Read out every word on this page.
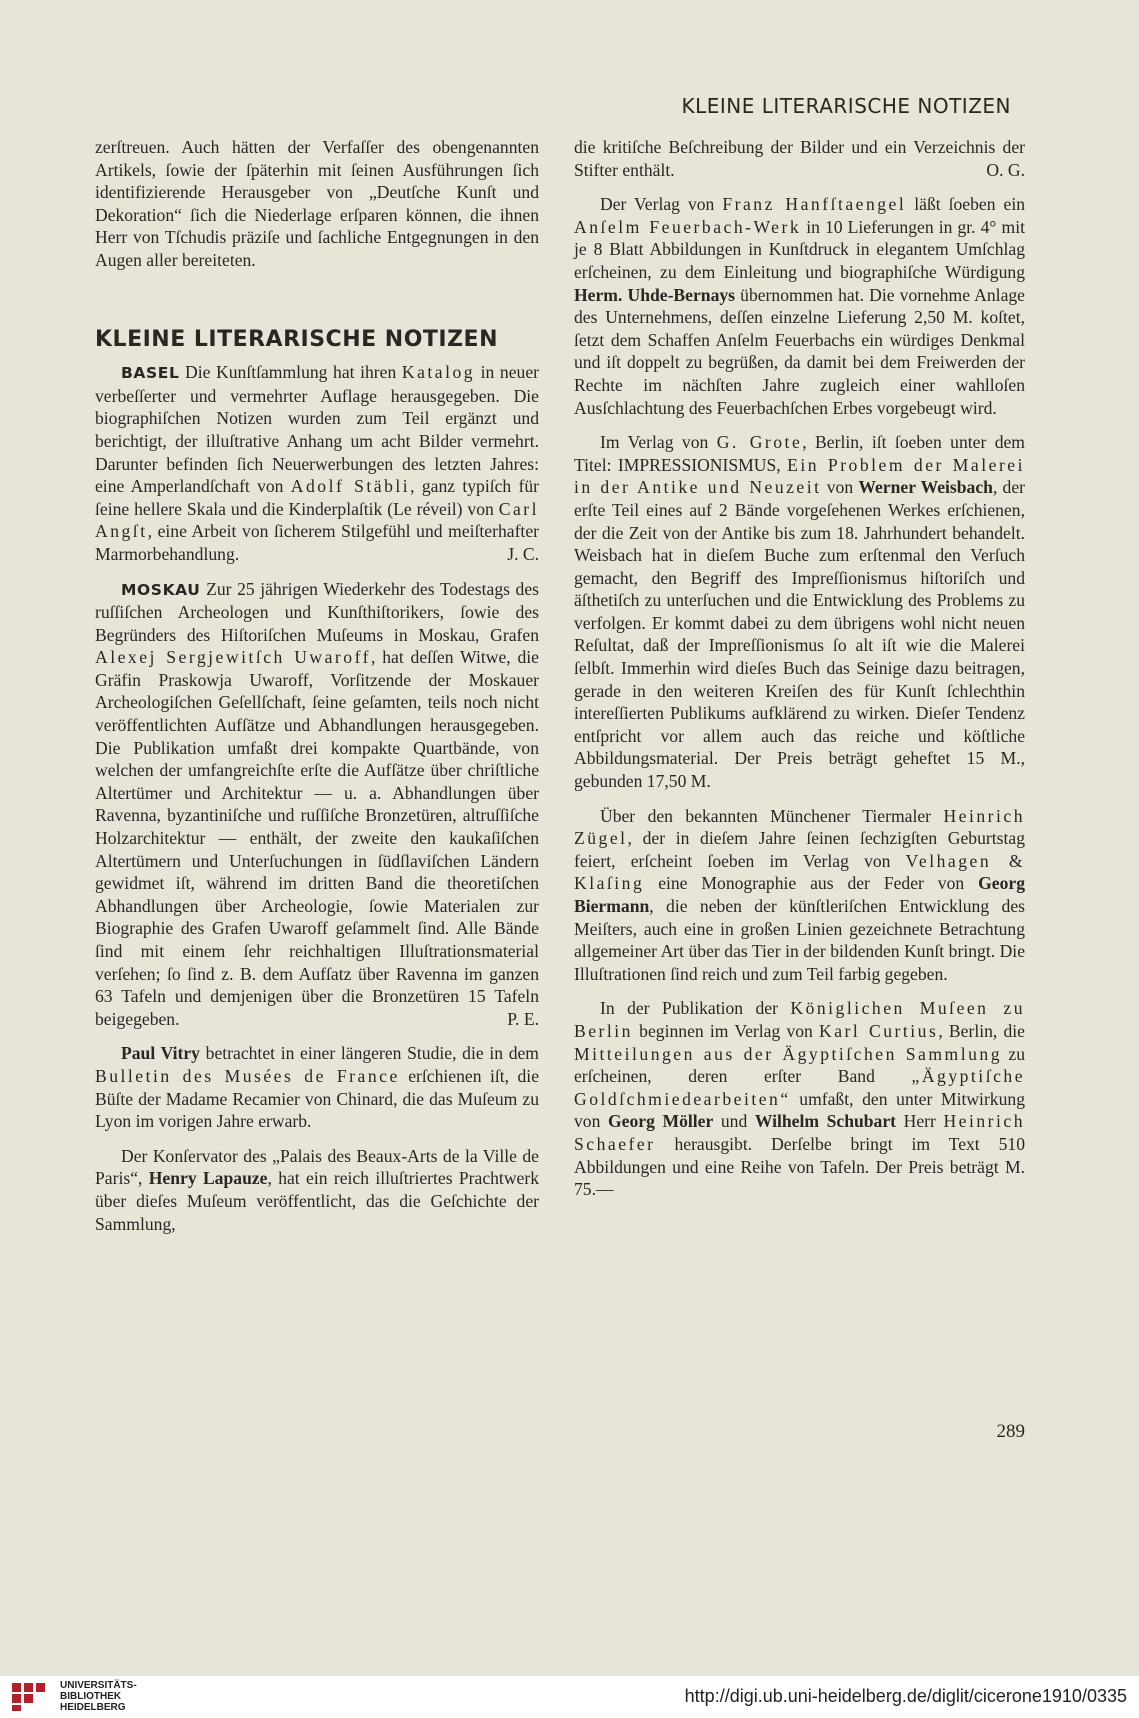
KLEINE LITERARISCHE NOTIZEN

zerſtreuen. Auch hätten der Verfaſſer des obengenannten Artikels, ſowie der ſpäterhin mit ſeinen Ausführungen ſich identifizierende Herausgeber von „Deutſche Kunſt und Dekoration“ ſich die Niederlage erſparen können, die ihnen Herr von Tſchudis präziſe und ſachliche Entgegnungen in den Augen aller bereiteten.

KLEINE LITERARISCHE NOTIZEN

BASEL Die Kunſtſammlung hat ihren Katalog in neuer verbeſſerter und vermehrter Auflage herausgegeben. Die biographiſchen Notizen wurden zum Teil ergänzt und berichtigt, der illuſtrative Anhang um acht Bilder vermehrt. Darunter befinden ſich Neuerwerbungen des letzten Jahres: eine Amperlandſchaft von Adolf Stäbli, ganz typiſch für ſeine hellere Skala und die Kinderplaſtik (Le réveil) von Carl Angſt, eine Arbeit von ſicherem Stilgefühl und meiſterhafter Marmorbehandlung.	J. C.

MOSKAU Zur 25 jährigen Wiederkehr des Todestags des ruſſiſchen Archeologen und Kunſthiſtorikers, ſowie des Begründers des Hiſtoriſchen Muſeums in Moskau, Grafen Alexej Sergjewitſch Uwaroff, hat deſſen Witwe, die Gräfin Praskowja Uwaroff, Vorſitzende der Moskauer Archeologiſchen Geſellſchaft, ſeine geſamten, teils noch nicht veröffentlichten Aufſätze und Abhandlungen herausgegeben. Die Publikation umfaßt drei kompakte Quartbände, von welchen der umfangreichſte erſte die Aufſätze über chriſtliche Altertümer und Architektur — u. a. Abhandlungen über Ravenna, byzantiniſche und ruſſiſche Bronzetüren, altruſſiſche Holzarchitektur — enthält, der zweite den kaukaſiſchen Altertümern und Unterſuchungen in ſüdſlaviſchen Ländern gewidmet iſt, während im dritten Band die theoretiſchen Abhandlungen über Archeologie, ſowie Materialen zur Biographie des Grafen Uwaroff geſammelt ſind. Alle Bände ſind mit einem ſehr reichhaltigen Illuſtrationsmaterial verſehen; ſo ſind z. B. dem Aufſatz über Ravenna im ganzen 63 Tafeln und demjenigen über die Bronzetüren 15 Tafeln beigegeben.	P. E.

Paul Vitry betrachtet in einer längeren Studie, die in dem Bulletin des Musées de France erſchienen iſt, die Büſte der Madame Recamier von Chinard, die das Muſeum zu Lyon im vorigen Jahre erwarb.

Der Konſervator des „Palais des Beaux-Arts de la Ville de Paris“, Henry Lapauze, hat ein reich illuſtriertes Prachtwerk über dieſes Muſeum veröffentlicht, das die Geſchichte der Sammlung,

die kritiſche Beſchreibung der Bilder und ein Verzeichnis der Stifter enthält.	O. G.

Der Verlag von Franz Hanfſtaengel läßt ſoeben ein Anſelm Feuerbach-Werk in 10 Lieferungen in gr. 4° mit je 8 Blatt Abbildungen in Kunſtdruck in elegantem Umſchlag erſcheinen, zu dem Einleitung und biographiſche Würdigung Herm. Uhde-Bernays übernommen hat. Die vornehme Anlage des Unternehmens, deſſen einzelne Lieferung 2,50 M. koſtet, ſetzt dem Schaffen Anſelm Feuerbachs ein würdiges Denkmal und iſt doppelt zu begrüßen, da damit bei dem Freiwerden der Rechte im nächſten Jahre zugleich einer wahlloſen Ausſchlachtung des Feuerbachſchen Erbes vorgebeugt wird.

Im Verlag von G. Grote, Berlin, iſt ſoeben unter dem Titel: IMPRESSIONISMUS, Ein Problem der Malerei in der Antike und Neuzeit von Werner Weisbach, der erſte Teil eines auf 2 Bände vorgeſehenen Werkes erſchienen, der die Zeit von der Antike bis zum 18. Jahrhundert behandelt. Weisbach hat in dieſem Buche zum erſtenmal den Verſuch gemacht, den Begriff des Impreſſionismus hiſtoriſch und äſthetiſch zu unterſuchen und die Entwicklung des Problems zu verfolgen. Er kommt dabei zu dem übrigens wohl nicht neuen Reſultat, daß der Impreſſionismus ſo alt iſt wie die Malerei ſelbſt. Immerhin wird dieſes Buch das Seinige dazu beitragen, gerade in den weiteren Kreiſen des für Kunſt ſchlechthin intereſſierten Publikums aufklärend zu wirken. Dieſer Tendenz entſpricht vor allem auch das reiche und köſtliche Abbildungsmaterial. Der Preis beträgt geheftet 15 M., gebunden 17,50 M.

Über den bekannten Münchener Tiermaler Heinrich Zügel, der in dieſem Jahre ſeinen ſechzigſten Geburtstag feiert, erſcheint ſoeben im Verlag von Velhagen & Klaſing eine Monographie aus der Feder von Georg Biermann, die neben der künſtleriſchen Entwicklung des Meiſters, auch eine in großen Linien gezeichnete Betrachtung allgemeiner Art über das Tier in der bildenden Kunſt bringt. Die Illuſtrationen ſind reich und zum Teil farbig gegeben.

In der Publikation der Königlichen Muſeen zu Berlin beginnen im Verlag von Karl Curtius, Berlin, die Mitteilungen aus der Ägyptiſchen Sammlung zu erſcheinen, deren erſter Band „Ägyptiſche Goldſchmiedearbeiten“ umfaßt, den unter Mitwirkung von Georg Möller und Wilhelm Schubart Herr Heinrich Schaefer herausgibt. Derſelbe bringt im Text 510 Abbildungen und eine Reihe von Tafeln. Der Preis beträgt M. 75.—

289
UNIVERSITÄTS-
BIBLIOTHEK
HEIDELBERG
http://digi.ub.uni-heidelberg.de/diglit/cicerone1910/0335
